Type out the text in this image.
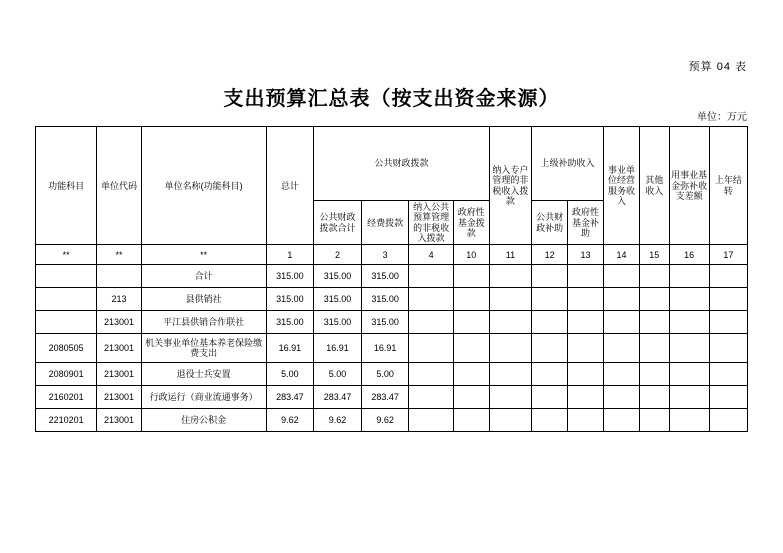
预算 04 表
支出预算汇总表（按支出资金来源）
单位：万元
功能科目	单位代码	单位名称(功能科目)	总计	公共财政拨款				纳入专户管理的非税收入拨款	上级补助收入		事业单位经营服务收入	其他收入	用事业基金弥补收支差额	上年结转
				公共财政拨款合计	经费拨款	纳入公共预算管理的非税收入拨款	政府性基金拨款		公共财政补助	政府性基金补助				
**	**	**	1	2	3	4	10	11	12	13	14	15	16	17
		合计	315.00	315.00	315.00									
	213	县供销社	315.00	315.00	315.00									
	213001	平江县供销合作联社	315.00	315.00	315.00									
2080505	213001	机关事业单位基本养老保险缴费支出	16.91	16.91	16.91									
2080901	213001	退役士兵安置	5.00	5.00	5.00									
2160201	213001	行政运行（商业流通事务）	283.47	283.47	283.47									
2210201	213001	住房公积金	9.62	9.62	9.62									
